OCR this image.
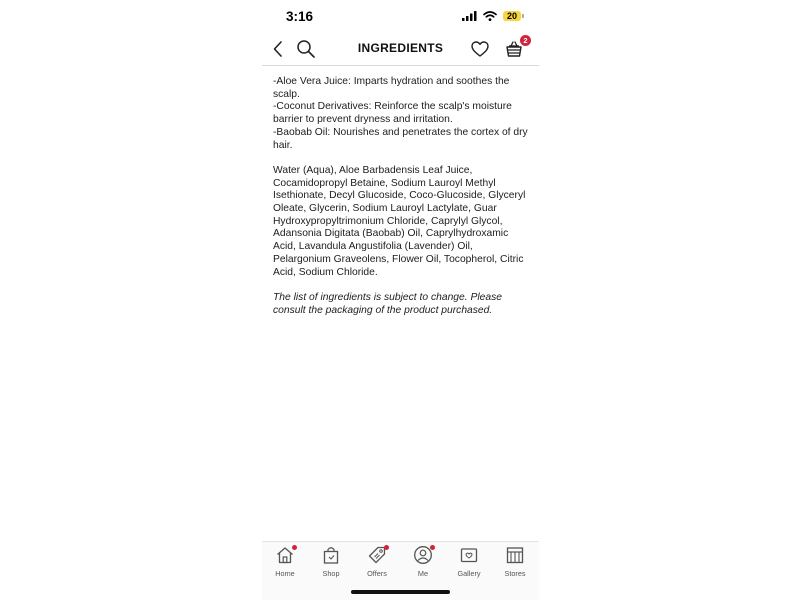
3:16	20
INGREDIENTS
2

-Aloe Vera Juice: Imparts hydration and soothes the scalp.

-Coconut Derivatives: Reinforce the scalp's moisture barrier to prevent dryness and irritation.

-Baobab Oil: Nourishes and penetrates the cortex of dry hair.

Water (Aqua), Aloe Barbadensis Leaf Juice, Cocamidopropyl Betaine, Sodium Lauroyl Methyl Isethionate, Decyl Glucoside, Coco-Glucoside, Glyceryl Oleate, Glycerin, Sodium Lauroyl Lactylate, Guar Hydroxypropyltrimonium Chloride, Caprylyl Glycol, Adansonia Digitata (Baobab) Oil, Caprylhydroxamic Acid, Lavandula Angustifolia (Lavender) Oil, Pelargonium Graveolens, Flower Oil, Tocopherol, Citric Acid, Sodium Chloride.

The list of ingredients is subject to change. Please consult the packaging of the product purchased.

Home	Shop	Offers	Me	Gallery	Stores
